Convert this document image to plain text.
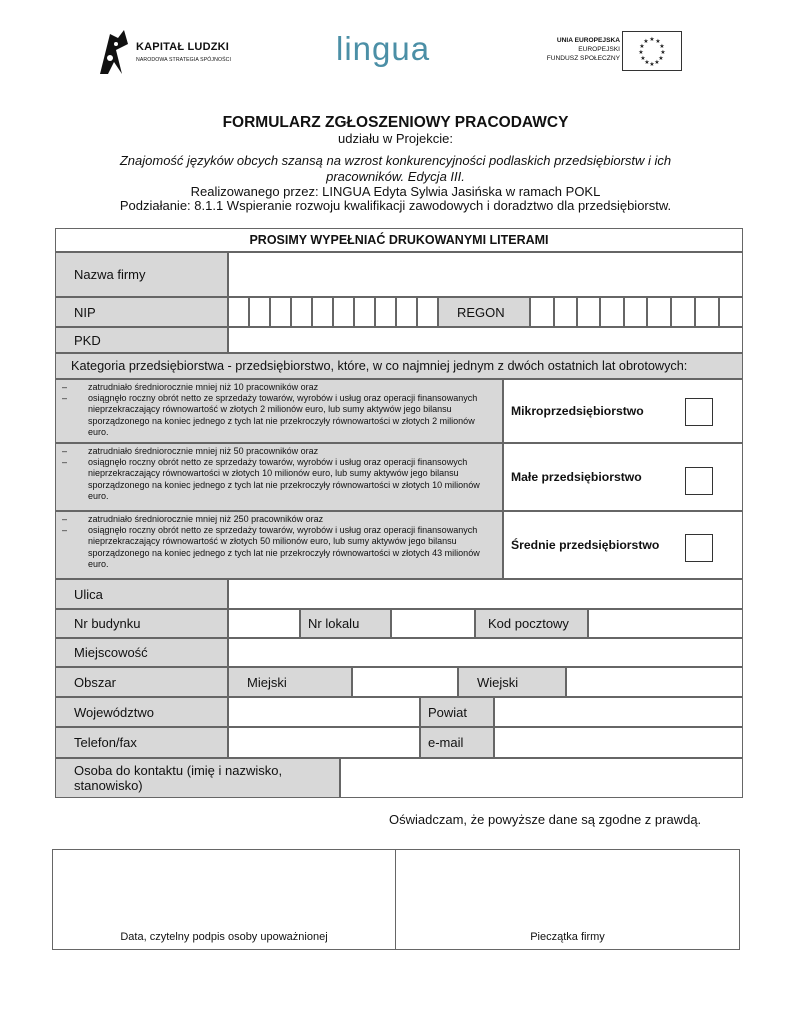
KAPITAŁ LUDZKI
NARODOWA STRATEGIA SPÓJNOŚCI	lingua	UNIA EUROPEJSKA
EUROPEJSKI
FUNDUSZ SPOŁECZNY
★ ★
★
★
★
★
★
★
★
★
★
★
FORMULARZ ZGŁOSZENIOWY PRACODAWCY
udziału w Projekcie:
Znajomość języków obcych szansą na wzrost konkurencyjności podlaskich przedsiębiorstw i ich pracowników. Edycja III.
Realizowanego przez: LINGUA Edyta Sylwia Jasińska w ramach POKL
Podziałanie: 8.1.1 Wspieranie rozwoju kwalifikacji zawodowych i doradztwo dla przedsiębiorstw.
PROSIMY WYPEŁNIAĆ DRUKOWANYMI LITERAMI
Nazwa firmy
NIP	REGON
PKD
Kategoria przedsiębiorstwa - przedsiębiorstwo, które, w co najmniej jednym z dwóch ostatnich lat obrotowych:
–	zatrudniało średniorocznie mniej niż 10 pracowników oraz
–	osiągnęło roczny obrót netto ze sprzedaży towarów, wyrobów i usług oraz operacji finansowanych nieprzekraczający równowartość w złotych 2 milionów euro, lub sumy aktywów jego bilansu sporządzonego na koniec jednego z tych lat nie przekroczyły równowartości w złotych 2 milionów euro.
Mikroprzedsiębiorstwo
–	zatrudniało średniorocznie mniej niż 50 pracowników oraz
–	osiągnęło roczny obrót netto ze sprzedaży towarów, wyrobów i usług oraz operacji finansowych nieprzekraczający równowartości w złotych 10 milionów euro, lub sumy aktywów jego bilansu sporządzonego na koniec jednego z tych lat nie przekroczyły równowartości w złotych 10 milionów euro.
Małe przedsiębiorstwo
–	zatrudniało średniorocznie mniej niż 250 pracowników oraz
–	osiągnęło roczny obrót netto ze sprzedaży towarów, wyrobów i usług oraz operacji finansowanych nieprzekraczający równowartość w złotych 50 milionów euro, lub sumy aktywów jego bilansu sporządzonego na koniec jednego z tych lat nie przekroczyły równowartości w złotych 43 milionów euro.
Średnie przedsiębiorstwo
Ulica
Nr budynku	Nr lokalu	Kod pocztowy
Miejscowość
Obszar	Miejski	Wiejski
Województwo	Powiat
Telefon/fax	e-mail
Osoba do kontaktu (imię i nazwisko, stanowisko)
Oświadczam, że powyższe dane są zgodne z prawdą.
Data, czytelny podpis osoby upoważnionej	Pieczątka firmy
